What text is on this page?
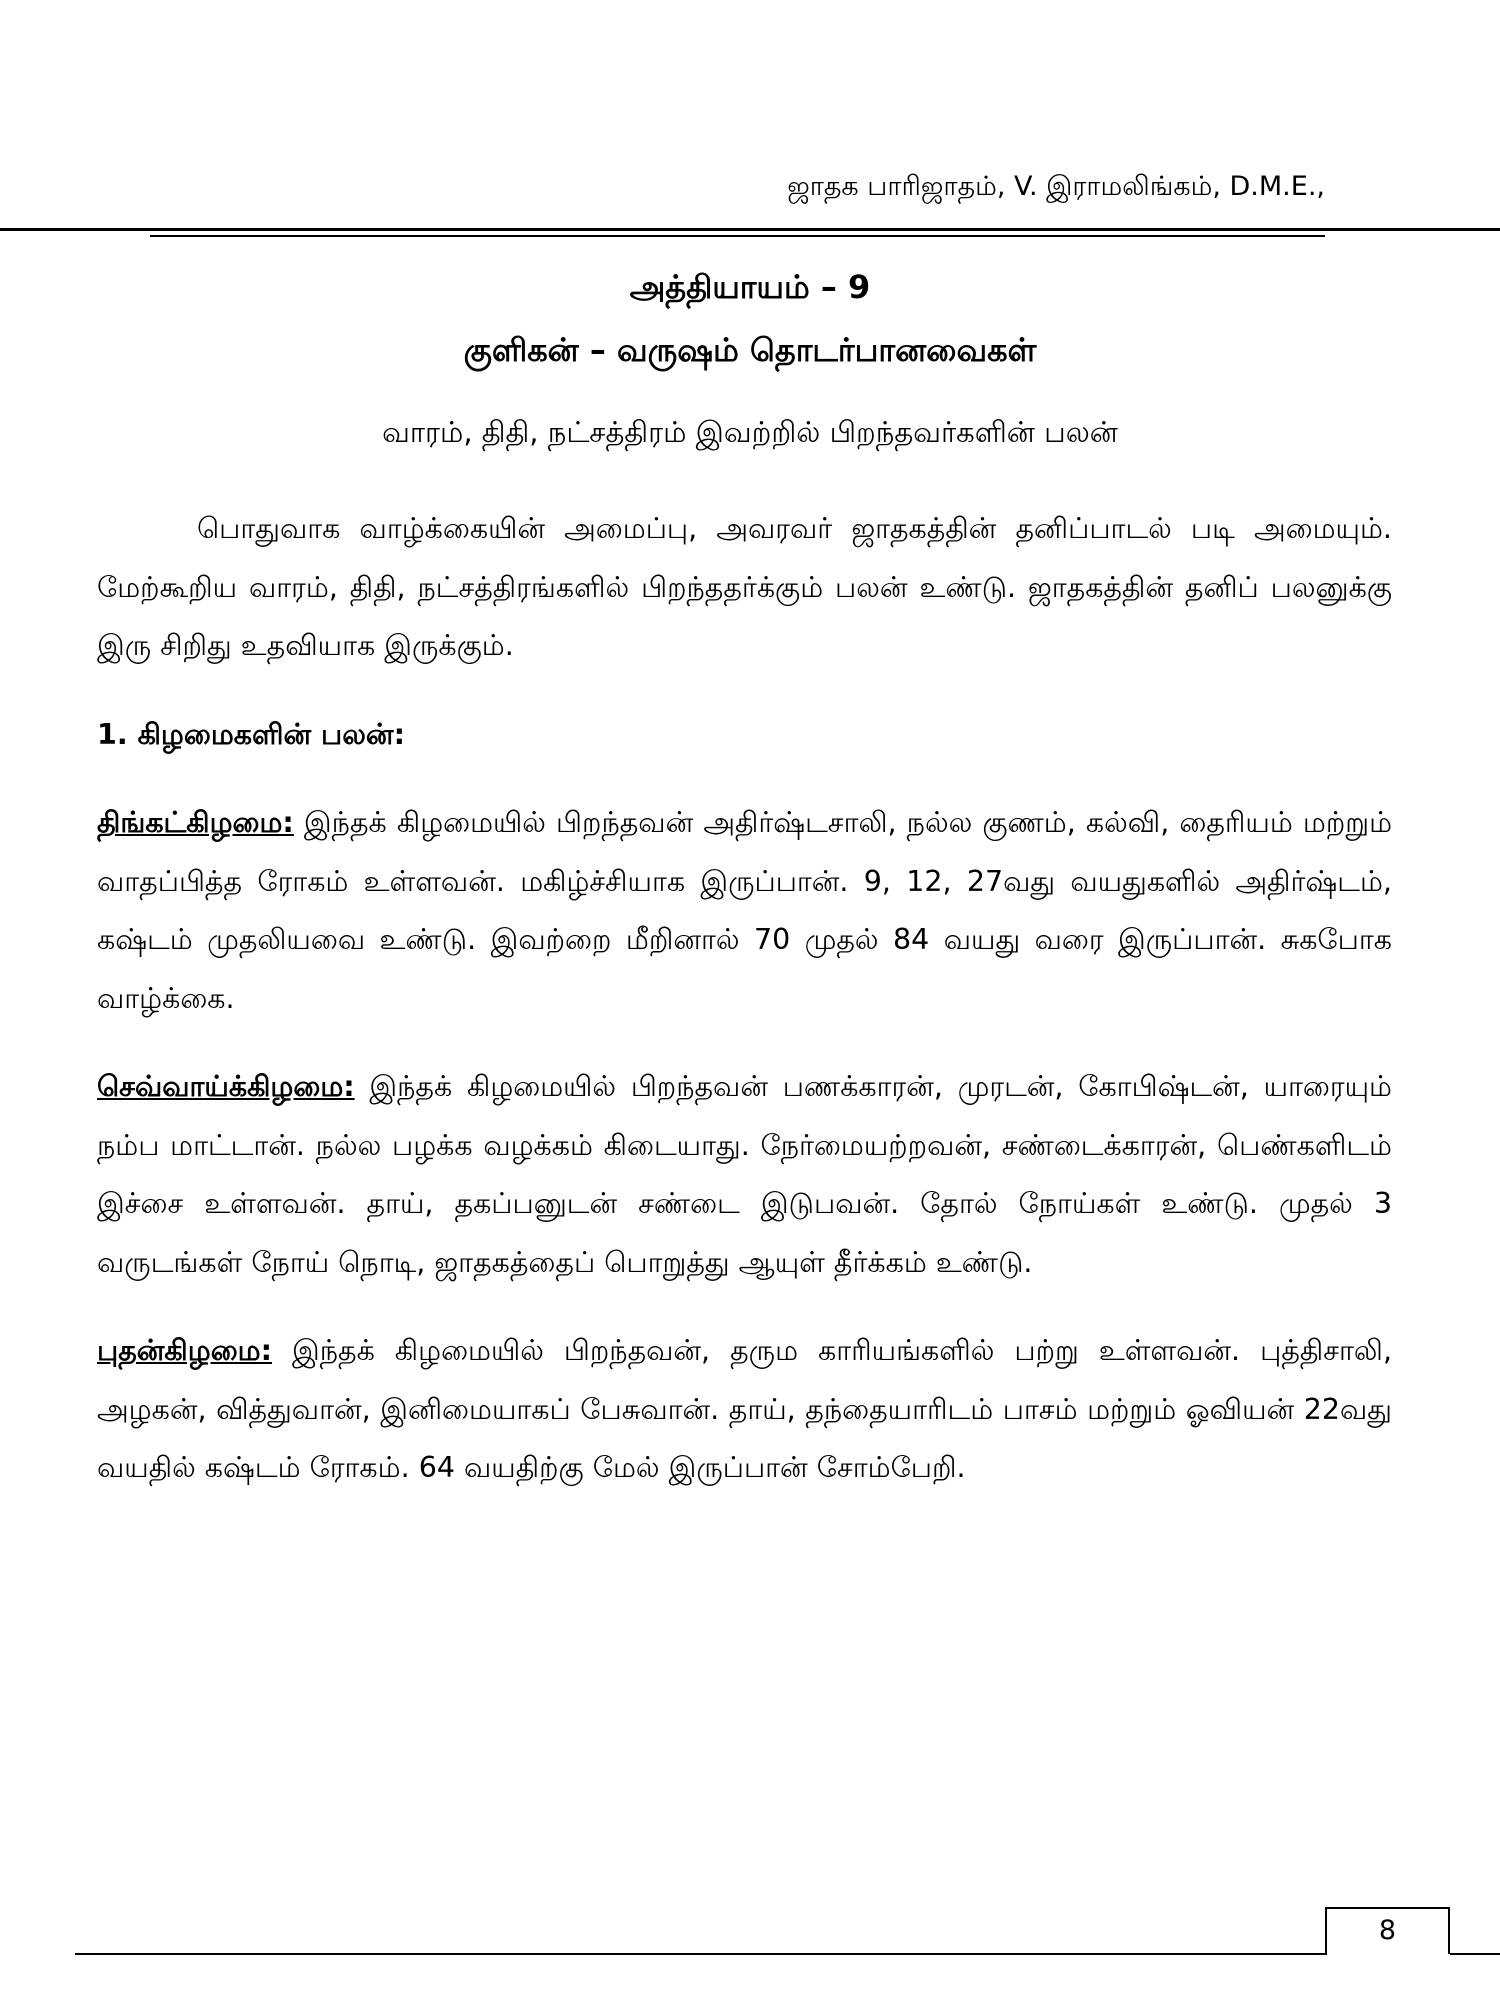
ஜாதக பாரிஜாதம், V. இராமலிங்கம், D.M.E.,
அத்தியாயம் – 9
குளிகன் – வருஷம் தொடர்பானவைகள்
வாரம், திதி, நட்சத்திரம் இவற்றில் பிறந்தவர்களின் பலன்

பொதுவாக வாழ்க்கையின் அமைப்பு, அவரவர் ஜாதகத்தின் தனிப்பாடல் படி அமையும். மேற்கூறிய வாரம், திதி, நட்சத்திரங்களில் பிறந்ததர்க்கும் பலன் உண்டு. ஜாதகத்தின் தனிப் பலனுக்கு இரு சிறிது உதவியாக இருக்கும்.

1. கிழமைகளின் பலன்:

திங்கட்கிழமை: இந்தக் கிழமையில் பிறந்தவன் அதிர்ஷ்டசாலி, நல்ல குணம், கல்வி, தைரியம் மற்றும் வாதப்பித்த ரோகம் உள்ளவன். மகிழ்ச்சியாக இருப்பான். 9, 12, 27வது வயதுகளில் அதிர்ஷ்டம், கஷ்டம் முதலியவை உண்டு. இவற்றை மீறினால் 70 முதல் 84 வயது வரை இருப்பான். சுகபோக வாழ்க்கை.

செவ்வாய்க்கிழமை: இந்தக் கிழமையில் பிறந்தவன் பணக்காரன், முரடன், கோபிஷ்டன், யாரையும் நம்ப மாட்டான். நல்ல பழக்க வழக்கம் கிடையாது. நேர்மையற்றவன், சண்டைக்காரன், பெண்களிடம் இச்சை உள்ளவன். தாய், தகப்பனுடன் சண்டை இடுபவன். தோல் நோய்கள் உண்டு. முதல் 3 வருடங்கள் நோய் நொடி, ஜாதகத்தைப் பொறுத்து ஆயுள் தீர்க்கம் உண்டு.

புதன்கிழமை: இந்தக் கிழமையில் பிறந்தவன், தரும காரியங்களில் பற்று உள்ளவன். புத்திசாலி, அழகன், வித்துவான், இனிமையாகப் பேசுவான். தாய், தந்தையாரிடம் பாசம் மற்றும் ஓவியன் 22வது வயதில் கஷ்டம் ரோகம். 64 வயதிற்கு மேல் இருப்பான் சோம்பேறி.

8
